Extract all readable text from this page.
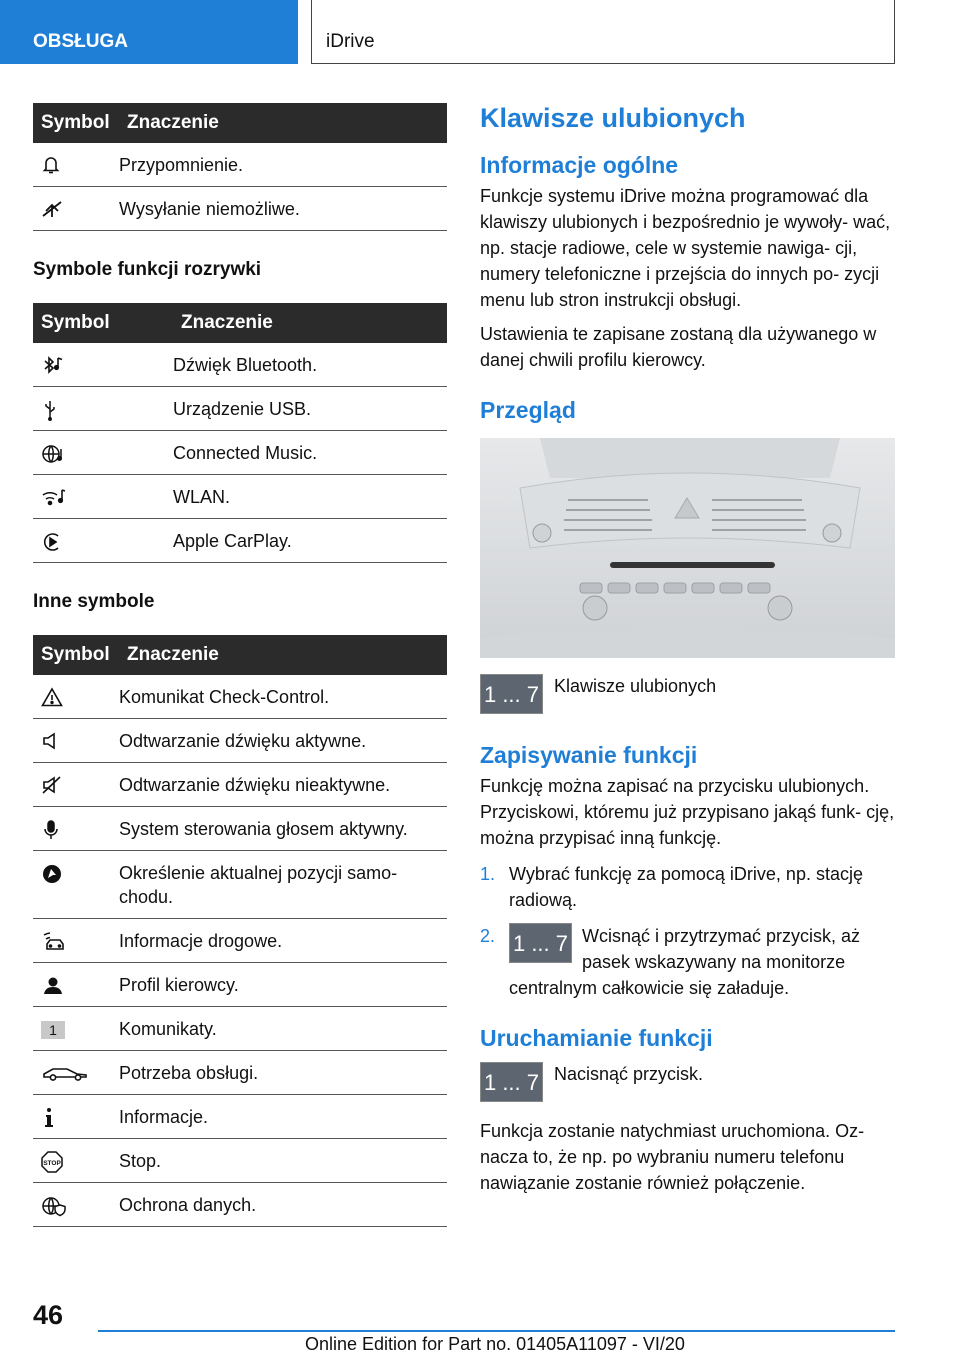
OBSŁUGA	iDrive
Symbol	Znaczenie

	Przypomnienie.

	Wysyłanie niemożliwe.
Symbole funkcji rozrywki
Symbol	Znaczenie

	Dźwięk Bluetooth.

	Urządzenie USB.

	Connected Music.

	WLAN.

	Apple CarPlay.
Inne symbole
Symbol	Znaczenie

	Komunikat Check-Control.

	Odtwarzanie dźwięku aktywne.

	Odtwarzanie dźwięku nieaktywne.

	System sterowania głosem aktywny.

	Określenie aktualnej pozycji samo- chodu.

	Informacje drogowe.

	Profil kierowcy.
1	Komunikaty.

	Potrzeba obsługi.

	Informacje.

STOP	Stop.

	Ochrona danych.
Klawisze ulubionych
Informacje ogólne

Funkcje systemu iDrive można programować dla klawiszy ulubionych i bezpośrednio je wywoły- wać, np. stacje radiowe, cele w systemie nawiga- cji, numery telefoniczne i przejścia do innych po- zycji menu lub stron instrukcji obsługi.

Ustawienia te zapisane zostaną dla używanego w danej chwili profilu kierowcy.

Przegląd
1 ... 7 Klawisze ulubionych
Zapisywanie funkcji

Funkcję można zapisać na przycisku ulubionych. Przyciskowi, któremu już przypisano jakąś funk- cję, można przypisać inną funkcję.

1. Wybrać funkcję za pomocą iDrive, np. stację radiową.
2. 1 ... 7 Wcisnąć i przytrzymać przycisk, aż pasek wskazywany na monitorze centralnym całkowicie się załaduje.
Uruchamianie funkcji
1 ... 7 Nacisnąć przycisk.

Funkcja zostanie natychmiast uruchomiona. Oz- nacza to, że np. po wybraniu numeru telefonu nawiązanie zostanie również połączenie.

46
Online Edition for Part no. 01405A11097 - VI/20
